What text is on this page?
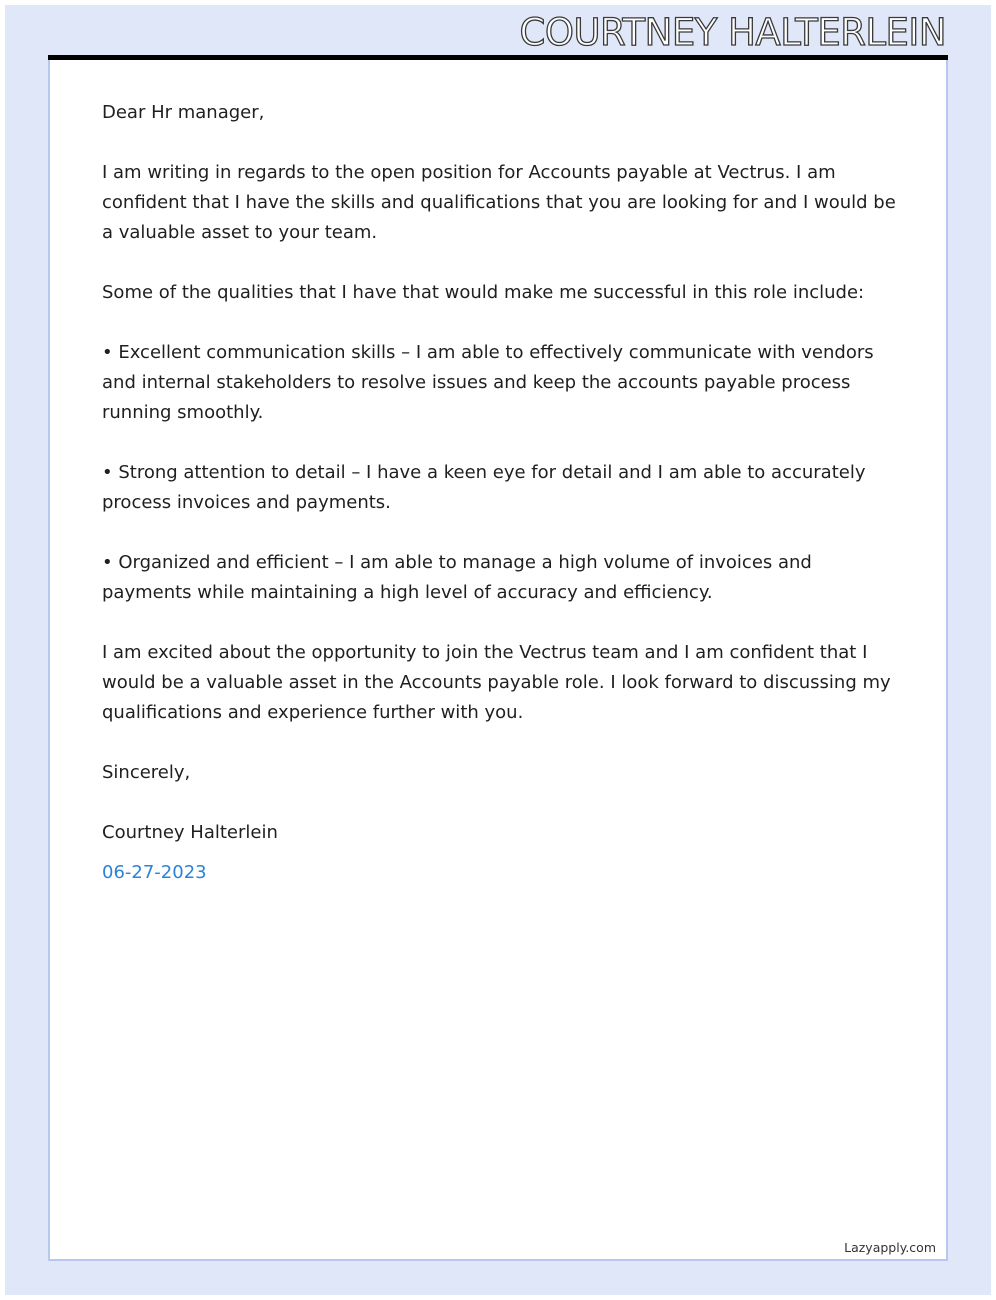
COURTNEY HALTERLEIN

Dear Hr manager,

I am writing in regards to the open position for Accounts payable at Vectrus. I am confident that I have the skills and qualifications that you are looking for and I would be a valuable asset to your team.

Some of the qualities that I have that would make me successful in this role include:

• Excellent communication skills – I am able to effectively communicate with vendors and internal stakeholders to resolve issues and keep the accounts payable process running smoothly.

• Strong attention to detail – I have a keen eye for detail and I am able to accurately process invoices and payments.

• Organized and efficient – I am able to manage a high volume of invoices and payments while maintaining a high level of accuracy and efficiency.

I am excited about the opportunity to join the Vectrus team and I am confident that I would be a valuable asset in the Accounts payable role. I look forward to discussing my qualifications and experience further with you.

Sincerely,

Courtney Halterlein

06-27-2023

Lazyapply.com
